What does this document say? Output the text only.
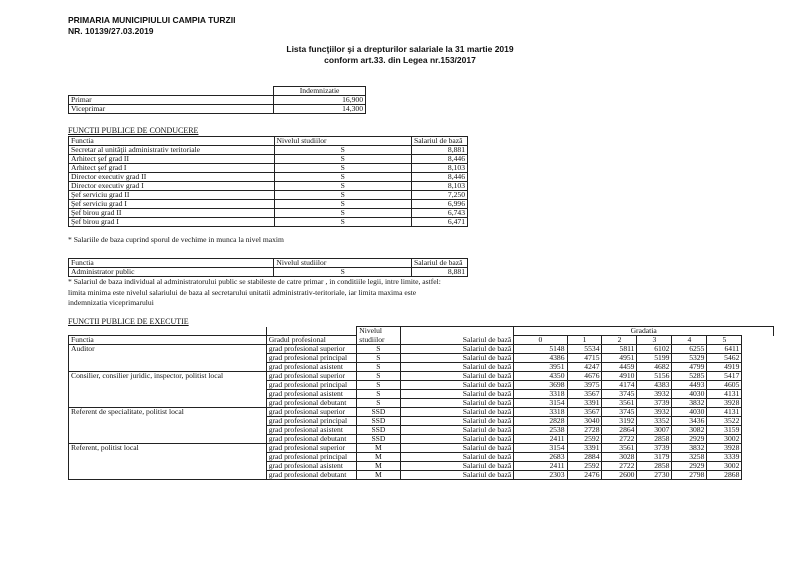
PRIMARIA MUNICIPIULUI CAMPIA TURZII
NR. 10139/27.03.2019
Lista funcţiilor şi a drepturilor salariale la 31 martie 2019
conform art.33. din Legea nr.153/2017
	Indemnizatie
Primar	16,900
Viceprimar	14,300
FUNCTII PUBLICE DE CONDUCERE
Functia	Nivelul studiilor	Salariul de bază
Secretar al unităţii administrativ teritoriale	S	8,881
Arhitect şef grad II	S	8,446
Arhitect şef grad I	S	8,103
Director executiv grad II	S	8,446
Director executiv grad I	S	8,103
Şef serviciu grad II	S	7,250
Şef serviciu grad I	S	6,996
Şef birou grad II	S	6,743
Şef birou grad I	S	6,471
* Salariile de baza cuprind sporul de vechime in munca la nivel maxim
Functia	Nivelul studiilor	Salariul de bază
Administrator public	S	8,881
* Salariul de baza individual al administratorului public se stabileste de catre primar , in conditiile legii, intre limite, astfel:
limita minima este nivelul salariului de baza al secretarului unitatii administrativ-teritoriale, iar limita maxima este
indemnizatia viceprimarului
FUNCTII PUBLICE DE EXECUTIE
		Nivelul		Gradatia					
Functia	Gradul profesional	studiilor	Salariul de bază	0	1	2	3	4	5
Auditor	grad profesional superior	S	Salariul de bază	5148	5534	5811	6102	6255	6411
	grad profesional principal	S	Salariul de bază	4386	4715	4951	5199	5329	5462
	grad profesional asistent	S	Salariul de bază	3951	4247	4459	4682	4799	4919
Consilier, consilier juridic, inspector, politist local	grad profesional superior	S	Salariul de bază	4350	4676	4910	5156	5285	5417
	grad profesional principal	S	Salariul de bază	3698	3975	4174	4383	4493	4605
	grad profesional asistent	S	Salariul de bază	3318	3567	3745	3932	4030	4131
	grad profesional debutant	S	Salariul de bază	3154	3391	3561	3739	3832	3928
Referent de specialitate, politist local	grad profesional superior	SSD	Salariul de bază	3318	3567	3745	3932	4030	4131
	grad profesional principal	SSD	Salariul de bază	2828	3040	3192	3352	3436	3522
	grad profesional asistent	SSD	Salariul de bază	2538	2728	2864	3007	3082	3159
	grad profesional debutant	SSD	Salariul de bază	2411	2592	2722	2858	2929	3002
Referent, politist local	grad profesional superior	M	Salariul de bază	3154	3391	3561	3739	3832	3928
	grad profesional principal	M	Salariul de bază	2683	2884	3028	3179	3258	3339
	grad profesional asistent	M	Salariul de bază	2411	2592	2722	2858	2929	3002
	grad profesional debutant	M	Salariul de bază	2303	2476	2600	2730	2798	2868
